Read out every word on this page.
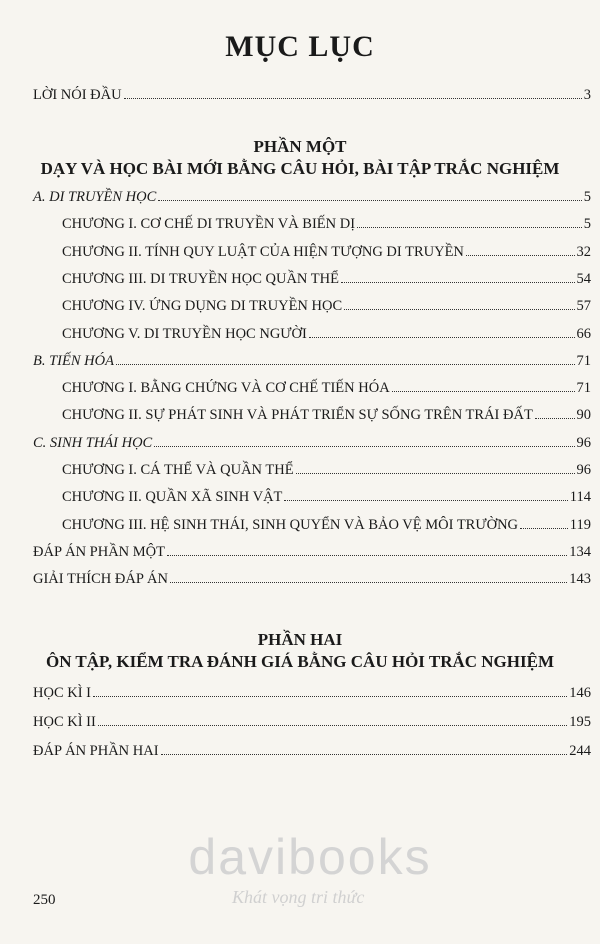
MỤC LỤC
LỜI NÓI ĐẦU	3
PHẦN MỘT
DẠY VÀ HỌC BÀI MỚI BẰNG CÂU HỎI, BÀI TẬP TRẮC NGHIỆM
A. DI TRUYỀN HỌC	5
CHƯƠNG I. CƠ CHẾ DI TRUYỀN VÀ BIẾN DỊ	5
CHƯƠNG II. TÍNH QUY LUẬT CỦA HIỆN TƯỢNG DI TRUYỀN	32
CHƯƠNG III. DI TRUYỀN HỌC QUẦN THỂ	54
CHƯƠNG IV. ỨNG DỤNG DI TRUYỀN HỌC	57
CHƯƠNG V. DI TRUYỀN HỌC NGƯỜI	66
B. TIẾN HÓA	71
CHƯƠNG I. BẰNG CHỨNG VÀ CƠ CHẾ TIẾN HÓA	71
CHƯƠNG II. SỰ PHÁT SINH VÀ PHÁT TRIỂN SỰ SỐNG TRÊN TRÁI ĐẤT	90
C. SINH THÁI HỌC	96
CHƯƠNG I. CÁ THỂ VÀ QUẦN THỂ	96
CHƯƠNG II. QUẦN XÃ SINH VẬT	114
CHƯƠNG III. HỆ SINH THÁI, SINH QUYỂN VÀ BẢO VỆ MÔI TRƯỜNG	119
ĐÁP ÁN PHẦN MỘT	134
GIẢI THÍCH ĐÁP ÁN	143
PHẦN HAI
ÔN TẬP, KIỂM TRA ĐÁNH GIÁ BẰNG CÂU HỎI TRẮC NGHIỆM
HỌC KÌ I	146
HỌC KÌ II	195
ĐÁP ÁN PHẦN HAI	244
davibooks
Khát vọng tri thức
250
